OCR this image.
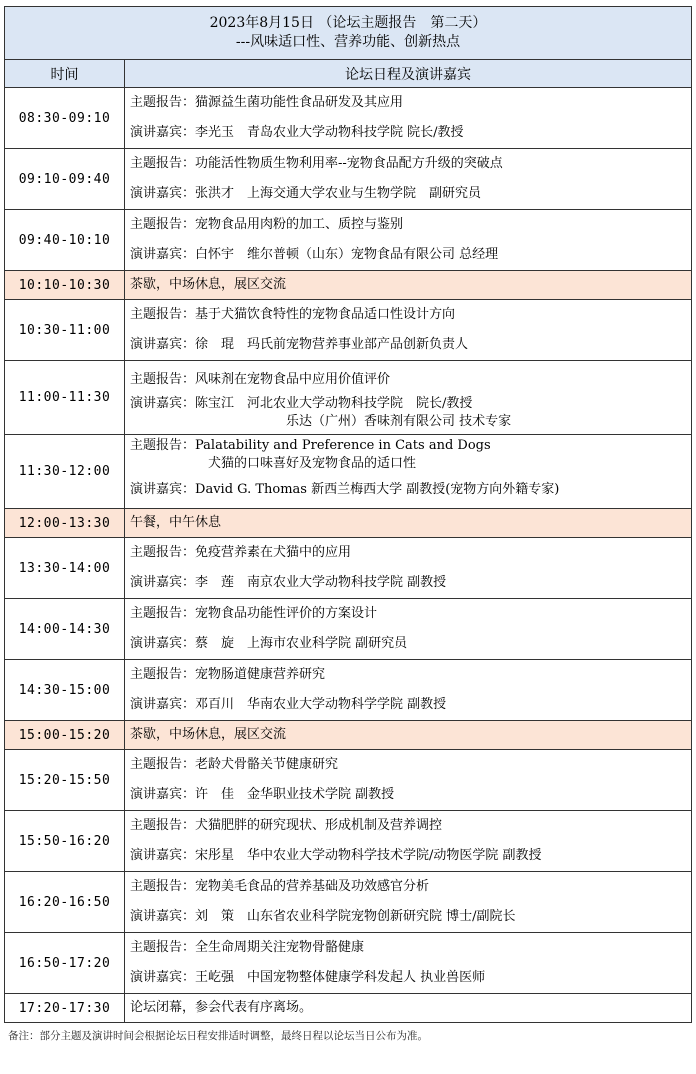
2023年8月15日 （论坛主题报告　第二天）
---风味适口性、营养功能、创新热点	

时间	论坛日程及演讲嘉宾
08:30-09:10	主题报告：猫源益生菌功能性食品研发及其应用
演讲嘉宾：李光玉　青岛农业大学动物科技学院 院长/教授

09:10-09:40	主题报告：功能活性物质生物利用率--宠物食品配方升级的突破点
演讲嘉宾：张洪才　上海交通大学农业与生物学院　副研究员

09:40-10:10	主题报告：宠物食品用肉粉的加工、质控与鉴别
演讲嘉宾：白怀宇　维尔普顿（山东）宠物食品有限公司 总经理

10:10-10:30	茶歇，中场休息，展区交流
10:30-11:00	主题报告：基于犬猫饮食特性的宠物食品适口性设计方向
演讲嘉宾：徐　琨　玛氏前宠物营养事业部产品创新负责人

11:00-11:30	主题报告：风味剂在宠物食品中应用价值评价
演讲嘉宾：陈宝江　河北农业大学动物科技学院　院长/教授
乐达（广州）香味剂有限公司 技术专家

11:30-12:00	主题报告：Palatability and Preference in Cats and Dogs
犬猫的口味喜好及宠物食品的适口性
演讲嘉宾：David G. Thomas 新西兰梅西大学 副教授(宠物方向外籍专家)

12:00-13:30	午餐，中午休息
13:30-14:00	主题报告：免疫营养素在犬猫中的应用
演讲嘉宾：李　莲　南京农业大学动物科技学院 副教授

14:00-14:30	主题报告：宠物食品功能性评价的方案设计
演讲嘉宾：蔡　旋　上海市农业科学院 副研究员

14:30-15:00	主题报告：宠物肠道健康营养研究
演讲嘉宾：邓百川　华南农业大学动物科学学院 副教授

15:00-15:20	茶歇，中场休息，展区交流
15:20-15:50	主题报告：老龄犬骨骼关节健康研究
演讲嘉宾：许　佳　金华职业技术学院 副教授

15:50-16:20	主题报告：犬猫肥胖的研究现状、形成机制及营养调控
演讲嘉宾：宋彤星　华中农业大学动物科学技术学院/动物医学院 副教授

16:20-16:50	主题报告：宠物美毛食品的营养基础及功效感官分析
演讲嘉宾：刘　策　山东省农业科学院宠物创新研究院 博士/副院长

16:50-17:20	主题报告：全生命周期关注宠物骨骼健康
演讲嘉宾：王屹强　中国宠物整体健康学科发起人 执业兽医师

17:20-17:30	论坛闭幕，参会代表有序离场。
备注：部分主题及演讲时间会根据论坛日程安排适时调整，最终日程以论坛当日公布为准。
